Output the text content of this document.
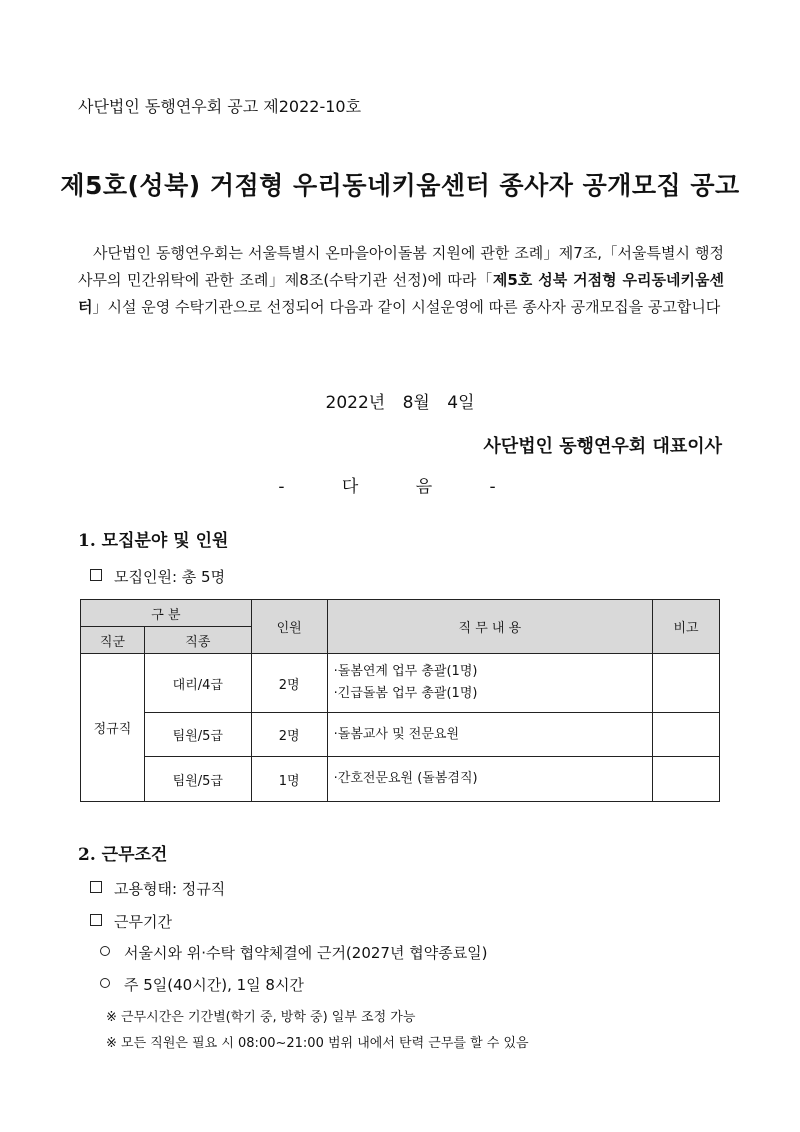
사단법인 동행연우회 공고 제2022-10호
제5호(성북) 거점형 우리동네키움센터 종사자 공개모집 공고
사단법인 동행연우회는 서울특별시 온마을아이돌봄 지원에 관한 조례」제7조,「서울특별시 행정사무의 민간위탁에 관한 조례」제8조(수탁기관 선정)에 따라「제5호 성북 거점형 우리동네키움센터」시설 운영 수탁기관으로 선정되어 다음과 같이 시설운영에 따른 종사자 공개모집을 공고합니다
2022년 8월 4일
사단법인 동행연우회 대표이사
- 다 음 -
1. 모집분야 및 인원
모집인원: 총 5명
구 분		인원	직 무 내 용	비고
직군	직종			
정규직	대리/4급	2명	·돌봄연계 업무 총괄(1명)
·긴급돌봄 업무 총괄(1명)	

	팀원/5급	2명	·돌봄교사 및 전문요원	
	팀원/5급	1명	·간호전문요원 (돌봄겸직)	
2. 근무조건
고용형태: 정규직
근무기간
서울시와 위·수탁 협약체결에 근거(2027년 협약종료일)
주 5일(40시간), 1일 8시간
※ 근무시간은 기간별(학기 중, 방학 중) 일부 조정 가능
※ 모든 직원은 필요 시 08:00~21:00 범위 내에서 탄력 근무를 할 수 있음
